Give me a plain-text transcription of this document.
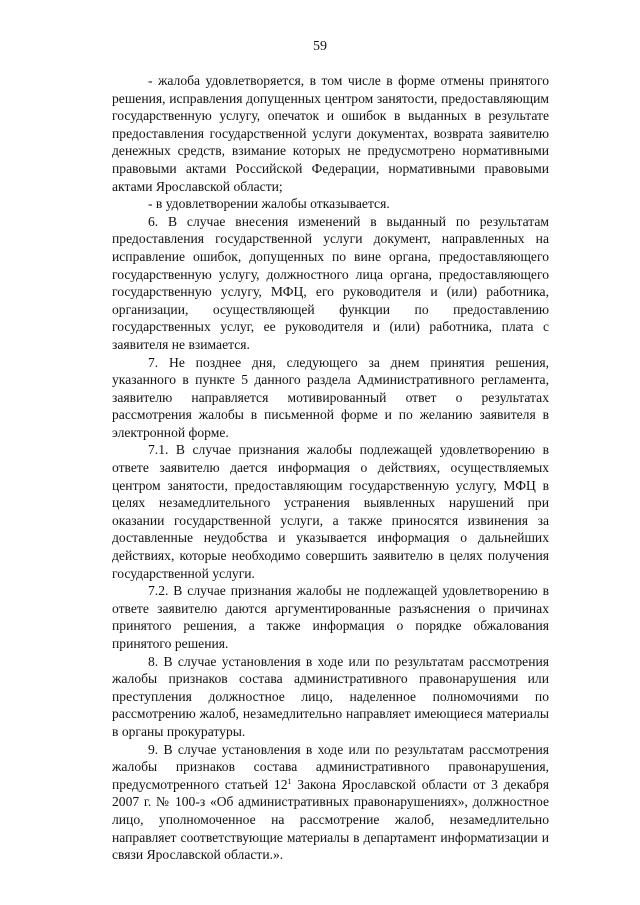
59

- жалоба удовлетворяется, в том числе в форме отмены принятого решения, исправления допущенных центром занятости, предоставляющим государственную услугу, опечаток и ошибок в выданных в результате предоставления государственной услуги документах, возврата заявителю денежных средств, взимание которых не предусмотрено нормативными правовыми актами Российской Федерации, нормативными правовыми актами Ярославской области;

- в удовлетворении жалобы отказывается.

6. В случае внесения изменений в выданный по результатам предоставления государственной услуги документ, направленных на исправление ошибок, допущенных по вине органа, предоставляющего государственную услугу, должностного лица органа, предоставляющего государственную услугу, МФЦ, его руководителя и (или) работника, организации, осуществляющей функции по предоставлению государственных услуг, ее руководителя и (или) работника, плата с заявителя не взимается.

7. Не позднее дня, следующего за днем принятия решения, указанного в пункте 5 данного раздела Административного регламента, заявителю направляется мотивированный ответ о результатах рассмотрения жалобы в письменной форме и по желанию заявителя в электронной форме.

7.1. В случае признания жалобы подлежащей удовлетворению в ответе заявителю дается информация о действиях, осуществляемых центром занятости, предоставляющим государственную услугу, МФЦ в целях незамедлительного устранения выявленных нарушений при оказании государственной услуги, а также приносятся извинения за доставленные неудобства и указывается информация о дальнейших действиях, которые необходимо совершить заявителю в целях получения государственной услуги.

7.2. В случае признания жалобы не подлежащей удовлетворению в ответе заявителю даются аргументированные разъяснения о причинах принятого решения, а также информация о порядке обжалования принятого решения.

8. В случае установления в ходе или по результатам рассмотрения жалобы признаков состава административного правонарушения или преступления должностное лицо, наделенное полномочиями по рассмотрению жалоб, незамедлительно направляет имеющиеся материалы в органы прокуратуры.

9. В случае установления в ходе или по результатам рассмотрения жалобы признаков состава административного правонарушения, предусмотренного статьей $12^1$ Закона Ярославской области от 3 декабря 2007 г. № 100-з «Об административных правонарушениях», должностное лицо, уполномоченное на рассмотрение жалоб, незамедлительно направляет соответствующие материалы в департамент информатизации и связи Ярославской области.».
